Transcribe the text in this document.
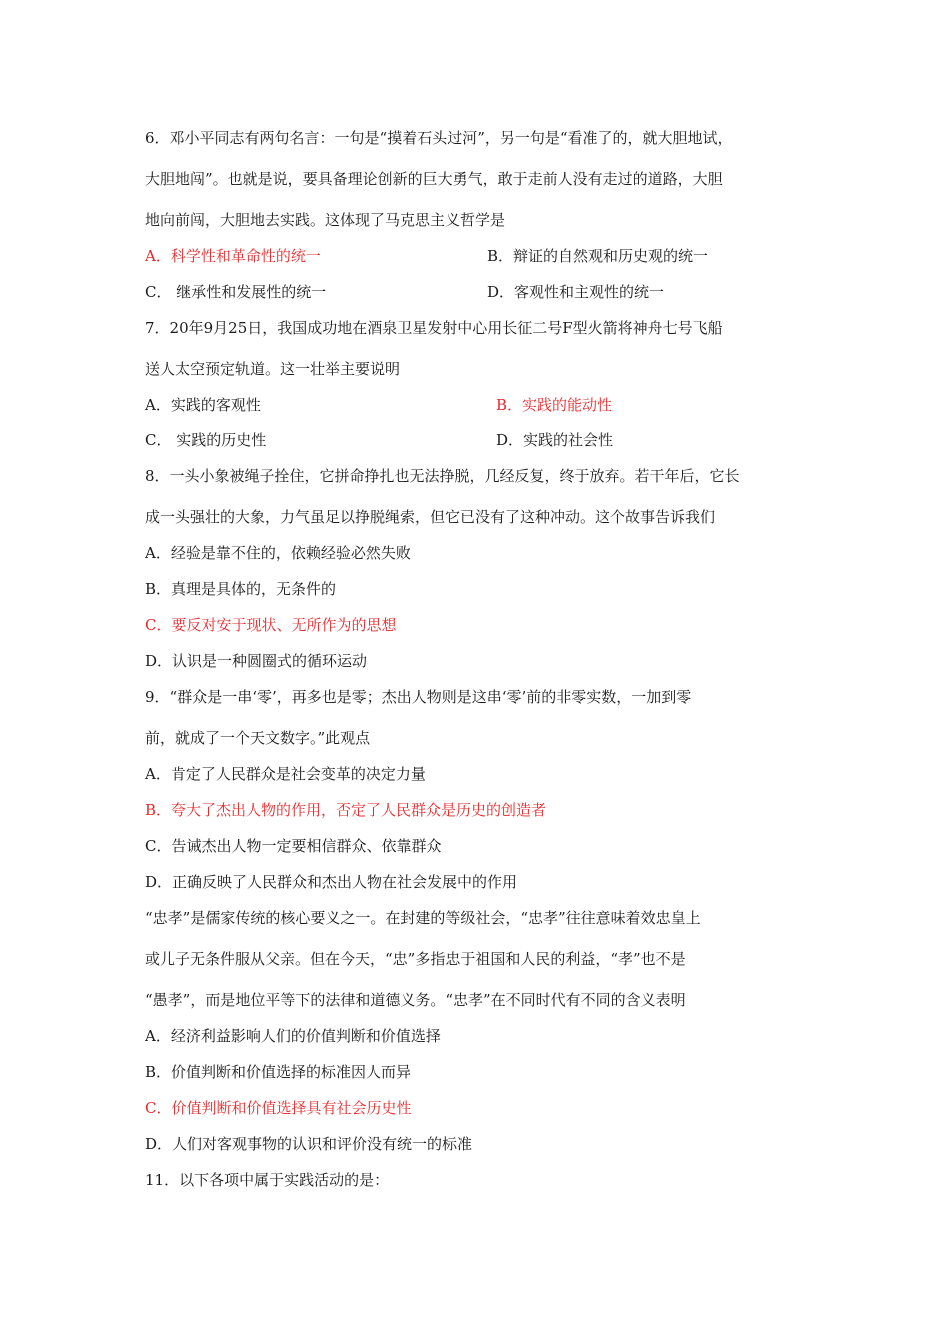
6．邓小平同志有两句名言：一句是“摸着石头过河”，另一句是“看准了的，就大胆地试，
大胆地闯”。也就是说，要具备理论创新的巨大勇气，敢于走前人没有走过的道路，大胆
地向前闯，大胆地去实践。这体现了马克思主义哲学是
A．科学性和革命性的统一	B．辩证的自然观和历史观的统一
C． 继承性和发展性的统一	D．客观性和主观性的统一
7．20年9月25日，我国成功地在酒泉卫星发射中心用长征二号F型火箭将神舟七号飞船
送人太空预定轨道。这一壮举主要说明
A．实践的客观性	B．实践的能动性
C． 实践的历史性	D．实践的社会性
8．一头小象被绳子拴住，它拼命挣扎也无法挣脱，几经反复，终于放弃。若干年后，它长
成一头强壮的大象，力气虽足以挣脱绳索，但它已没有了这种冲动。这个故事告诉我们
A．经验是靠不住的，依赖经验必然失败
B．真理是具体的，无条件的
C．要反对安于现状、无所作为的思想
D．认识是一种圆圈式的循环运动
9．“群众是一串‘零’，再多也是零；杰出人物则是这串‘零’前的非零实数，一加到零
前，就成了一个天文数字。”此观点
A．肯定了人民群众是社会变革的决定力量
B．夸大了杰出人物的作用，否定了人民群众是历史的创造者
C．告诫杰出人物一定要相信群众、依靠群众
D．正确反映了人民群众和杰出人物在社会发展中的作用
“忠孝”是儒家传统的核心要义之一。在封建的等级社会，“忠孝”往往意味着效忠皇上
或儿子无条件服从父亲。但在今天，“忠”多指忠于祖国和人民的利益，“孝”也不是
“愚孝”，而是地位平等下的法律和道德义务。“忠孝”在不同时代有不同的含义表明
A．经济利益影响人们的价值判断和价值选择
B．价值判断和价值选择的标准因人而异
C．价值判断和价值选择具有社会历史性
D．人们对客观事物的认识和评价没有统一的标准
11．以下各项中属于实践活动的是：
